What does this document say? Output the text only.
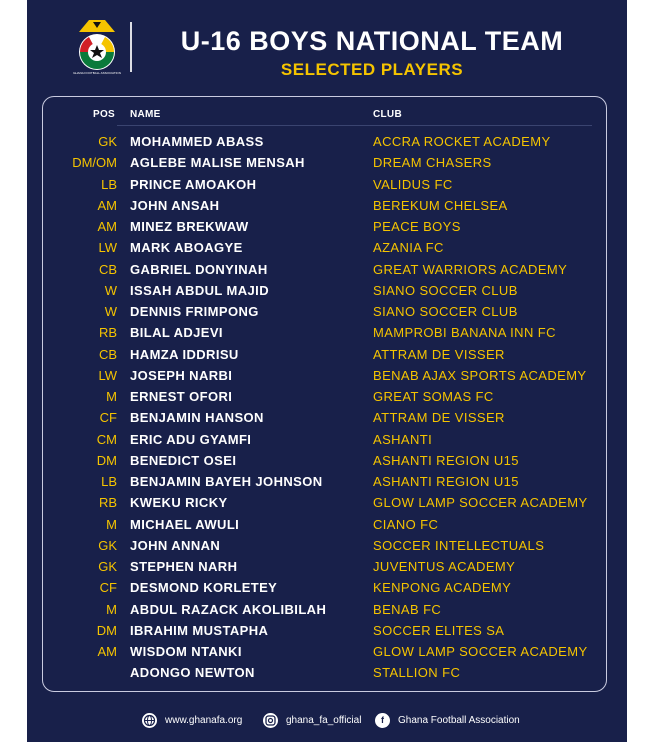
GHANA FOOTBALL ASSOCIATION
U-16 BOYS NATIONAL TEAM
SELECTED PLAYERS
POS NAME	CLUB
GK MOHAMMED ABASS	ACCRA ROCKET ACADEMY
DM/OM AGLEBE MALISE MENSAH	DREAM CHASERS
LB PRINCE AMOAKOH	VALIDUS FC
AM JOHN ANSAH	BEREKUM CHELSEA
AM MINEZ BREKWAW	PEACE BOYS
LW MARK ABOAGYE	AZANIA FC
CB GABRIEL DONYINAH	GREAT WARRIORS ACADEMY
W ISSAH ABDUL MAJID	SIANO SOCCER CLUB
W DENNIS FRIMPONG	SIANO SOCCER CLUB
RB BILAL ADJEVI	MAMPROBI BANANA INN FC
CB HAMZA IDDRISU	ATTRAM DE VISSER
LW JOSEPH NARBI	BENAB AJAX SPORTS ACADEMY
M ERNEST OFORI	GREAT SOMAS FC
CF BENJAMIN HANSON	ATTRAM DE VISSER
CM ERIC ADU GYAMFI	ASHANTI
DM BENEDICT OSEI	ASHANTI REGION U15
LB BENJAMIN BAYEH JOHNSON	ASHANTI REGION U15
RB KWEKU RICKY	GLOW LAMP SOCCER ACADEMY
M MICHAEL AWULI	CIANO FC
GK JOHN ANNAN	SOCCER INTELLECTUALS
GK STEPHEN NARH	JUVENTUS ACADEMY
CF DESMOND KORLETEY	KENPONG ACADEMY
M ABDUL RAZACK AKOLIBILAH	BENAB FC
DM IBRAHIM MUSTAPHA	SOCCER ELITES SA
AM WISDOM NTANKI	GLOW LAMP SOCCER ACADEMY
ADONGO NEWTON	STALLION FC
www.ghanafa.org	ghana_fa_official	f	Ghana Football Association
